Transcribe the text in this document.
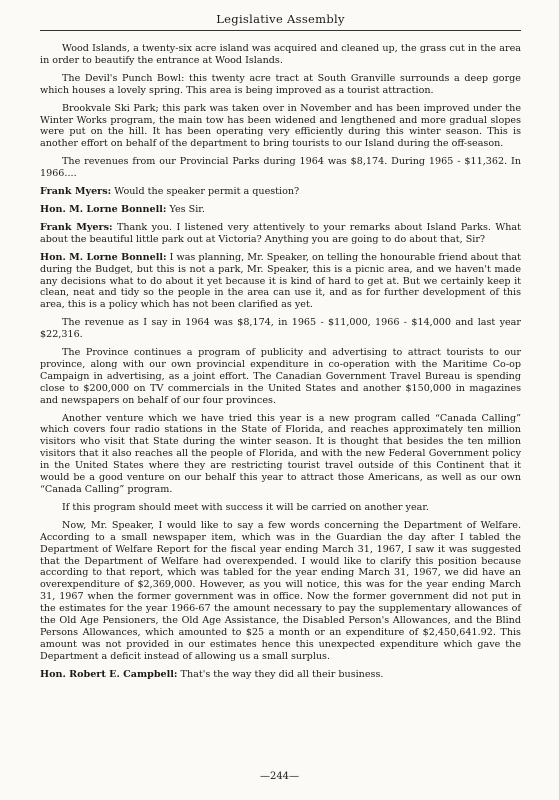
Legislative Assembly

Wood Islands, a twenty-six acre island was acquired and cleaned up, the grass cut in the area in order to beautify the entrance at Wood Islands.

The Devil's Punch Bowl: this twenty acre tract at South Granville surrounds a deep gorge which houses a lovely spring. This area is being improved as a tourist attraction.

Brookvale Ski Park; this park was taken over in November and has been improved under the Winter Works program, the main tow has been widened and lengthened and more gradual slopes were put on the hill. It has been operating very efficiently during this winter season. This is another effort on behalf of the department to bring tourists to our Island during the off-season.

The revenues from our Provincial Parks during 1964 was $8,174. During 1965 - $11,362. In 1966....

Frank Myers: Would the speaker permit a question?

Hon. M. Lorne Bonnell: Yes Sir.

Frank Myers: Thank you. I listened very attentively to your remarks about Island Parks. What about the beautiful little park out at Victoria? Anything you are going to do about that, Sir?

Hon. M. Lorne Bonnell: I was planning, Mr. Speaker, on telling the honourable friend about that during the Budget, but this is not a park, Mr. Speaker, this is a picnic area, and we haven't made any decisions what to do about it yet because it is kind of hard to get at. But we certainly keep it clean, neat and tidy so the people in the area can use it, and as for further development of this area, this is a policy which has not been clarified as yet.

The revenue as I say in 1964 was $8,174, in 1965 - $11,000, 1966 - $14,000 and last year $22,316.

The Province continues a program of publicity and advertising to attract tourists to our province, along with our own provincial expenditure in co-operation with the Maritime Co-op Campaign in advertising, as a joint effort. The Canadian Government Travel Bureau is spending close to $200,000 on TV commercials in the United States and another $150,000 in magazines and newspapers on behalf of our four provinces.

Another venture which we have tried this year is a new program called “Canada Calling” which covers four radio stations in the State of Florida, and reaches approximately ten million visitors who visit that State during the winter season. It is thought that besides the ten million visitors that it also reaches all the people of Florida, and with the new Federal Government policy in the United States where they are restricting tourist travel outside of this Continent that it would be a good venture on our behalf this year to attract those Americans, as well as our own “Canada Calling” program.

If this program should meet with success it will be carried on another year.

Now, Mr. Speaker, I would like to say a few words concerning the Department of Welfare. According to a small newspaper item, which was in the Guardian the day after I tabled the Department of Welfare Report for the fiscal year ending March 31, 1967, I saw it was suggested that the Department of Welfare had overexpended. I would like to clarify this position because according to that report, which was tabled for the year ending March 31, 1967, we did have an overexpenditure of $2,369,000. However, as you will notice, this was for the year ending March 31, 1967 when the former government was in office. Now the former government did not put in the estimates for the year 1966-67 the amount necessary to pay the supplementary allowances of the Old Age Pensioners, the Old Age Assistance, the Disabled Person's Allowances, and the Blind Persons Allowances, which amounted to $25 a month or an expenditure of $2,450,641.92. This amount was not provided in our estimates hence this unexpected expenditure which gave the Department a deficit instead of allowing us a small surplus.

Hon. Robert E. Campbell: That's the way they did all their business.

—244—
